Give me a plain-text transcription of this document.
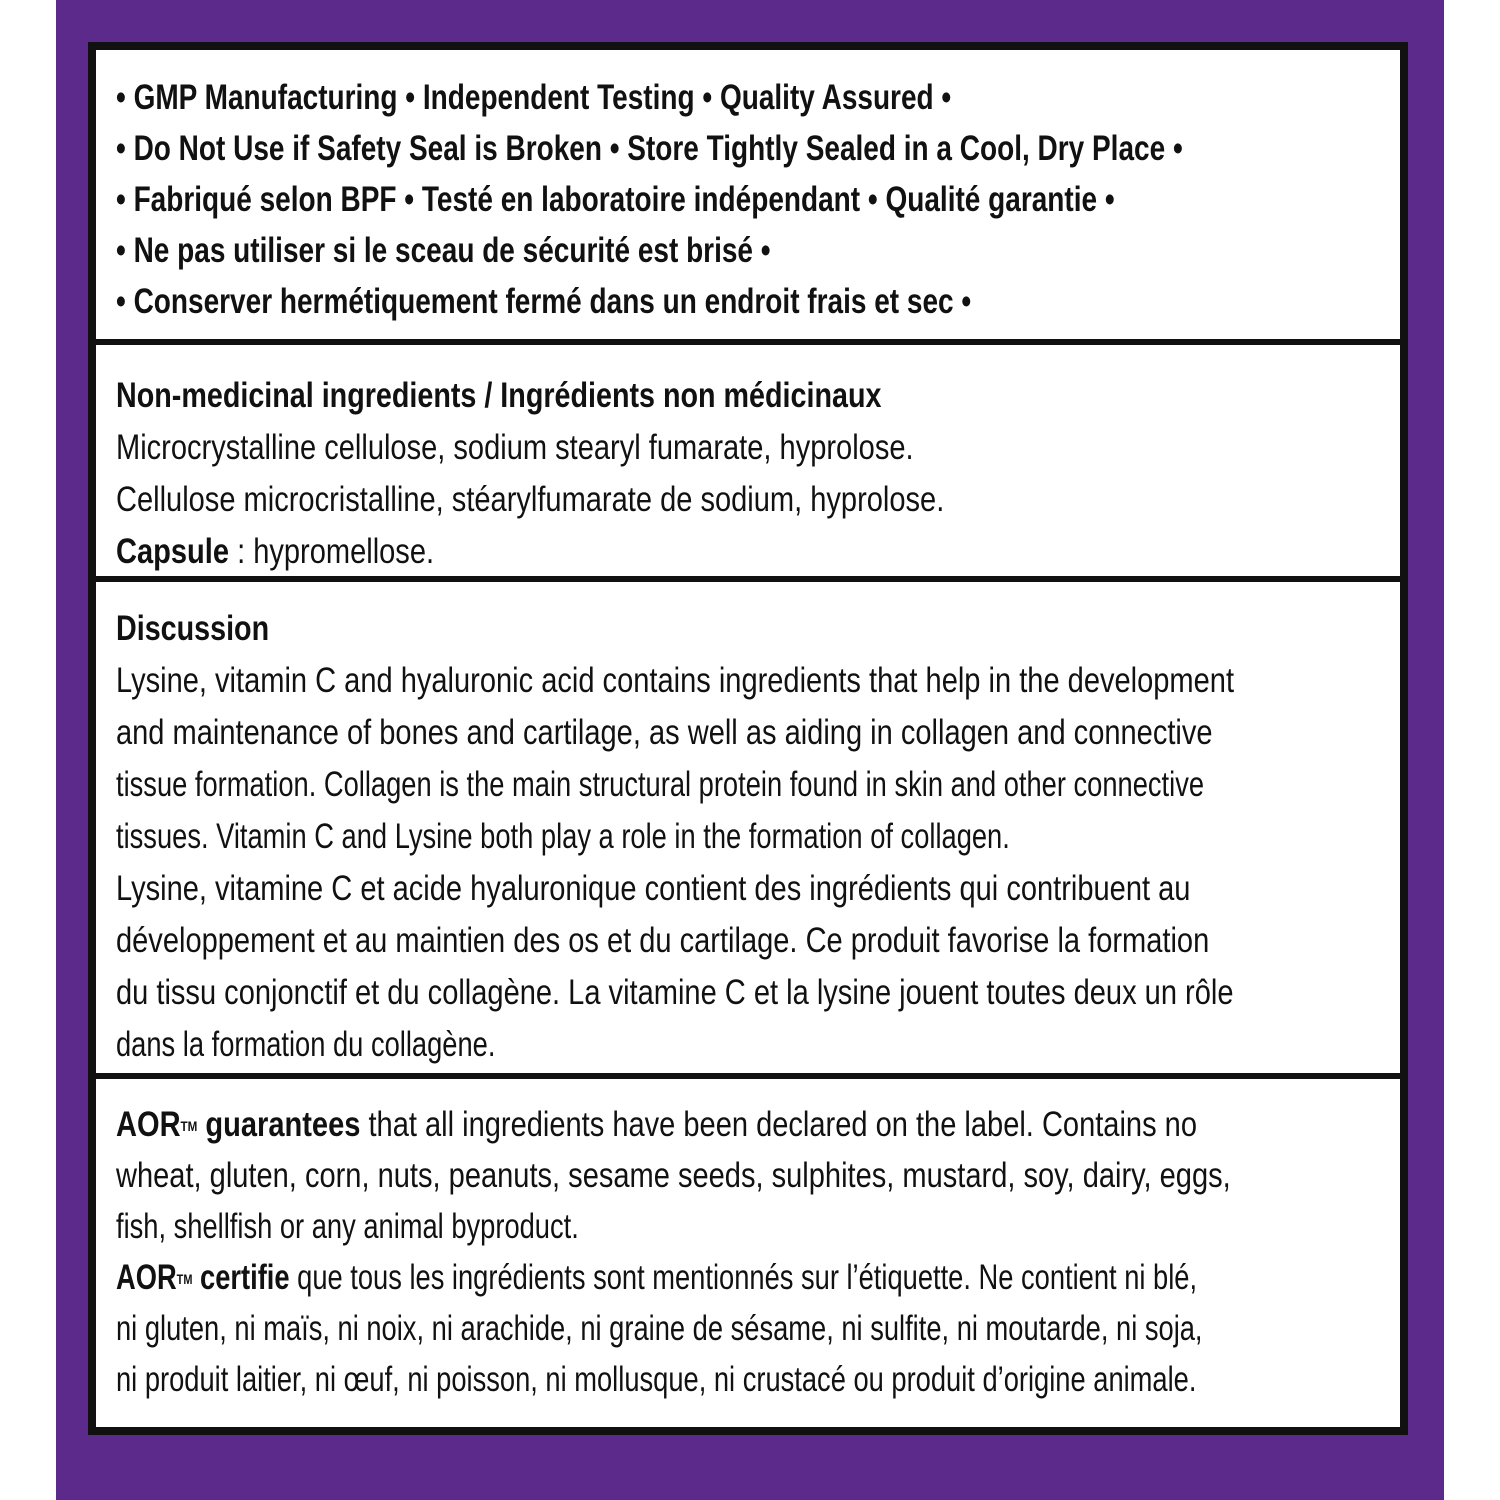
• GMP Manufacturing • Independent Testing • Quality Assured •
• Do Not Use if Safety Seal is Broken • Store Tightly Sealed in a Cool, Dry Place •
• Fabriqué selon BPF • Testé en laboratoire indépendant • Qualité garantie •
• Ne pas utiliser si le sceau de sécurité est brisé •
• Conserver hermétiquement fermé dans un endroit frais et sec •
Non-medicinal ingredients / Ingrédients non médicinaux
Microcrystalline cellulose, sodium stearyl fumarate, hyprolose.
Cellulose microcristalline, stéarylfumarate de sodium, hyprolose.
Capsule : hypromellose.
Discussion
Lysine, vitamin C and hyaluronic acid contains ingredients that help in the development
and maintenance of bones and cartilage, as well as aiding in collagen and connective
tissue formation. Collagen is the main structural protein found in skin and other connective
tissues. Vitamin C and Lysine both play a role in the formation of collagen.
Lysine, vitamine C et acide hyaluronique contient des ingrédients qui contribuent au
développement et au maintien des os et du cartilage. Ce produit favorise la formation
du tissu conjonctif et du collagène. La vitamine C et la lysine jouent toutes deux un rôle
dans la formation du collagène.
AOR™ guarantees that all ingredients have been declared on the label. Contains no
wheat, gluten, corn, nuts, peanuts, sesame seeds, sulphites, mustard, soy, dairy, eggs,
fish, shellfish or any animal byproduct.
AOR™ certifie que tous les ingrédients sont mentionnés sur l’étiquette. Ne contient ni blé,
ni gluten, ni maïs, ni noix, ni arachide, ni graine de sésame, ni sulfite, ni moutarde, ni soja,
ni produit laitier, ni œuf, ni poisson, ni mollusque, ni crustacé ou produit d’origine animale.
